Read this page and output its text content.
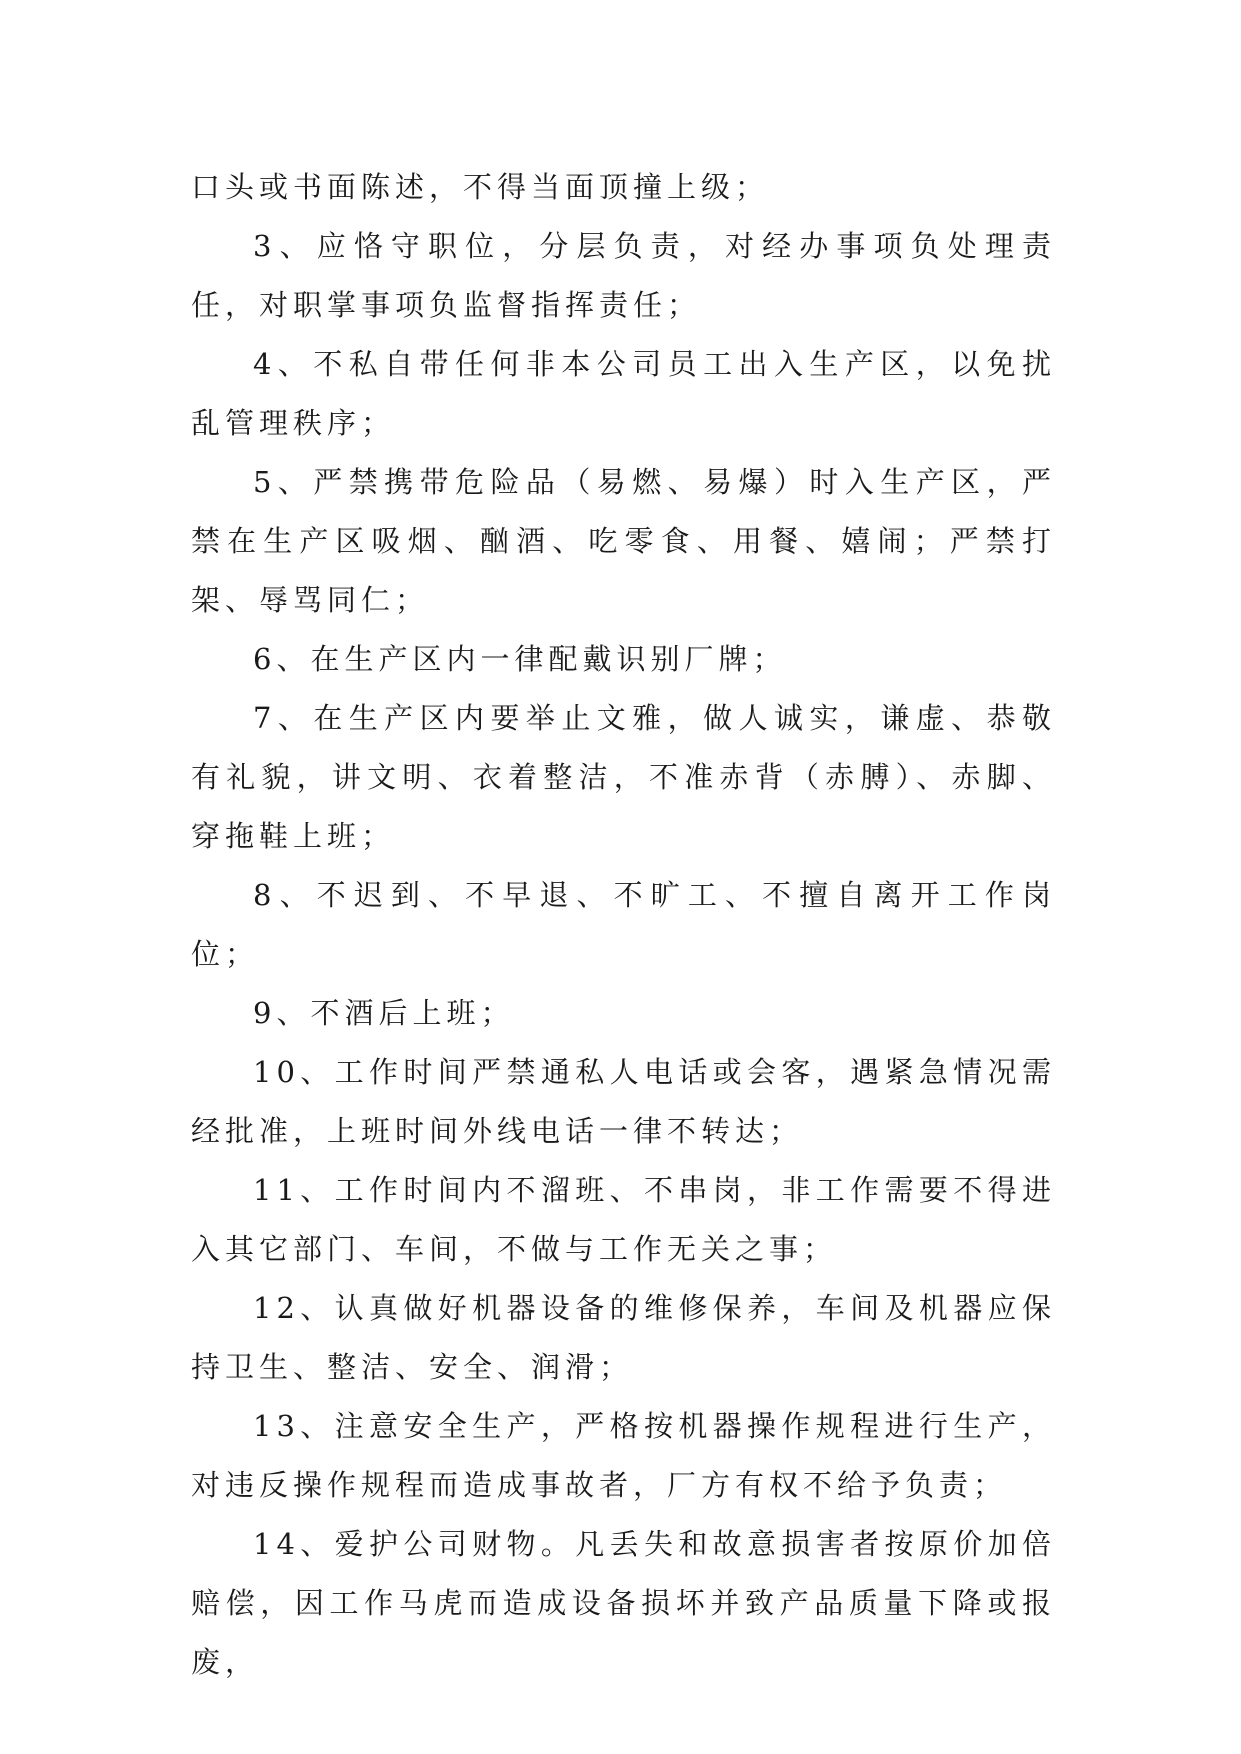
口头或书面陈述，不得当面顶撞上级；

3、应恪守职位，分层负责，对经办事项负处理责任，对职掌事项负监督指挥责任；

4、不私自带任何非本公司员工出入生产区，以免扰乱管理秩序；

5、严禁携带危险品（易燃、易爆）时入生产区，严禁在生产区吸烟、酗酒、吃零食、用餐、嬉闹；严禁打架、辱骂同仁；

6、在生产区内一律配戴识别厂牌；

7、在生产区内要举止文雅，做人诚实，谦虚、恭敬有礼貌，讲文明、衣着整洁，不准赤背（赤膊）、赤脚、穿拖鞋上班；

8、不迟到、不早退、不旷工、不擅自离开工作岗位；

9、不酒后上班；

10、工作时间严禁通私人电话或会客，遇紧急情况需经批准，上班时间外线电话一律不转达；

11、工作时间内不溜班、不串岗，非工作需要不得进入其它部门、车间，不做与工作无关之事；

12、认真做好机器设备的维修保养，车间及机器应保持卫生、整洁、安全、润滑；

13、注意安全生产，严格按机器操作规程进行生产，对违反操作规程而造成事故者，厂方有权不给予负责；

14、爱护公司财物。凡丢失和故意损害者按原价加倍赔偿，因工作马虎而造成设备损坏并致产品质量下降或报废，
